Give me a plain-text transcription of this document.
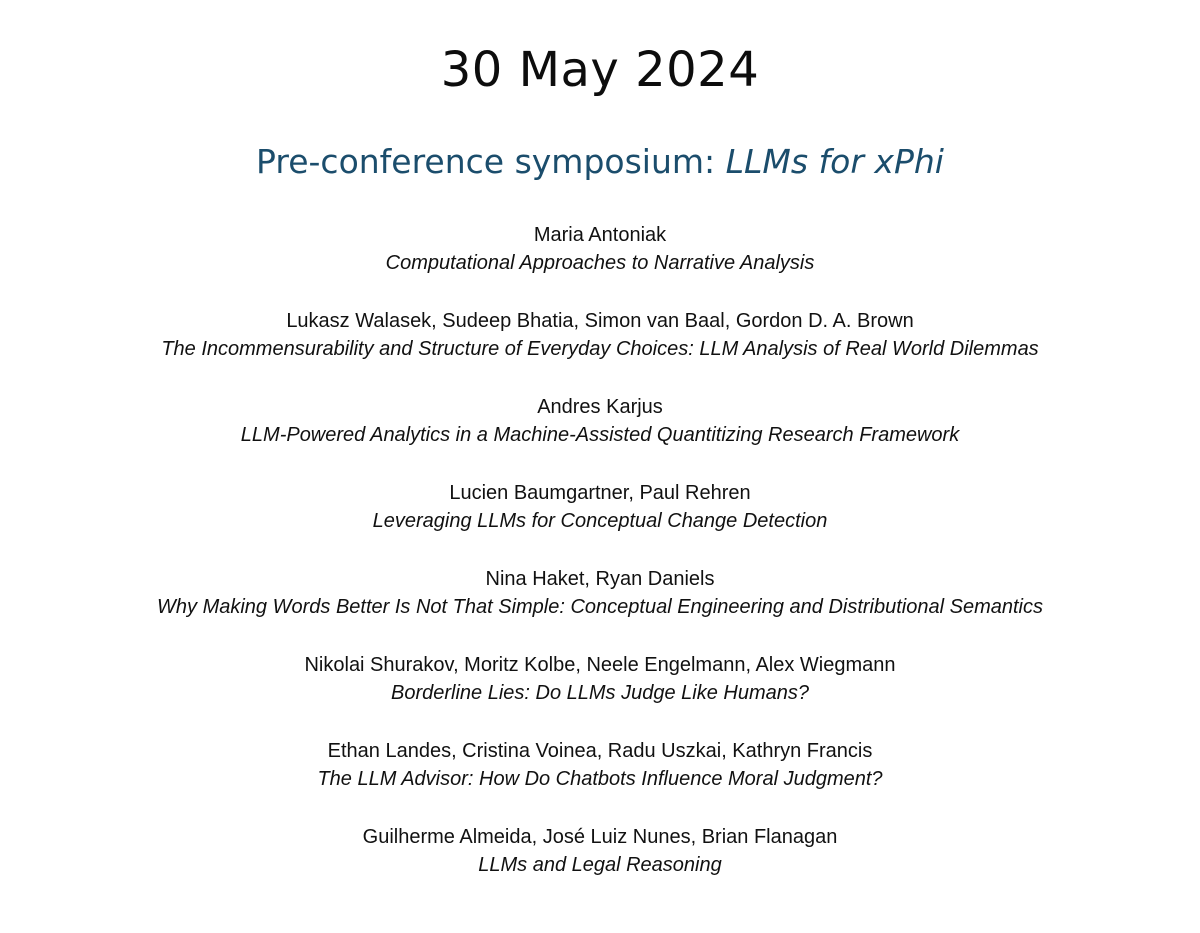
30 May 2024
Pre-conference symposium: LLMs for xPhi
Maria Antoniak
Computational Approaches to Narrative Analysis
Lukasz Walasek, Sudeep Bhatia, Simon van Baal, Gordon D. A. Brown
The Incommensurability and Structure of Everyday Choices: LLM Analysis of Real World Dilemmas
Andres Karjus
LLM-Powered Analytics in a Machine-Assisted Quantitizing Research Framework
Lucien Baumgartner, Paul Rehren
Leveraging LLMs for Conceptual Change Detection
Nina Haket, Ryan Daniels
Why Making Words Better Is Not That Simple: Conceptual Engineering and Distributional Semantics
Nikolai Shurakov, Moritz Kolbe, Neele Engelmann, Alex Wiegmann
Borderline Lies: Do LLMs Judge Like Humans?
Ethan Landes, Cristina Voinea, Radu Uszkai, Kathryn Francis
The LLM Advisor: How Do Chatbots Influence Moral Judgment?
Guilherme Almeida, José Luiz Nunes, Brian Flanagan
LLMs and Legal Reasoning
